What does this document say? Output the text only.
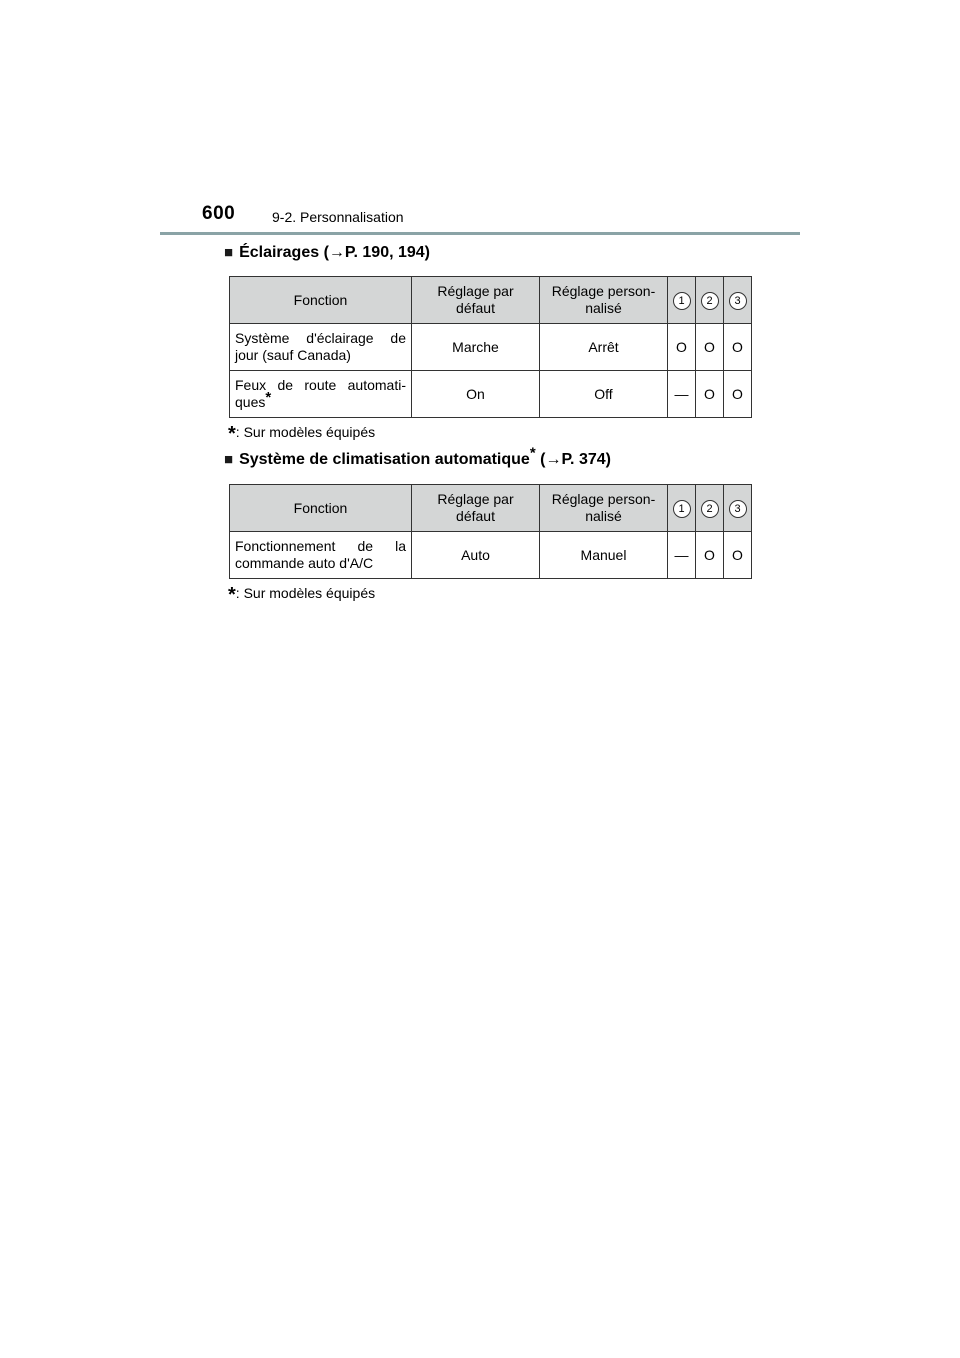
600	9-2. Personnalisation
■ Éclairages (→P. 190, 194)
Fonction	Réglage par défaut	Réglage person-nalisé	1	2	3
Système d'éclairage de jour (sauf Canada)	Marche	Arrêt	O	O	O
Feux de route automati-ques*	On	Off	—	O	O
*: Sur modèles équipés
■ Système de climatisation automatique* (→P. 374)
Fonction	Réglage par défaut	Réglage person-nalisé	1	2	3
Fonctionnement de la commande auto d'A/C	Auto	Manuel	—	O	O
*: Sur modèles équipés
